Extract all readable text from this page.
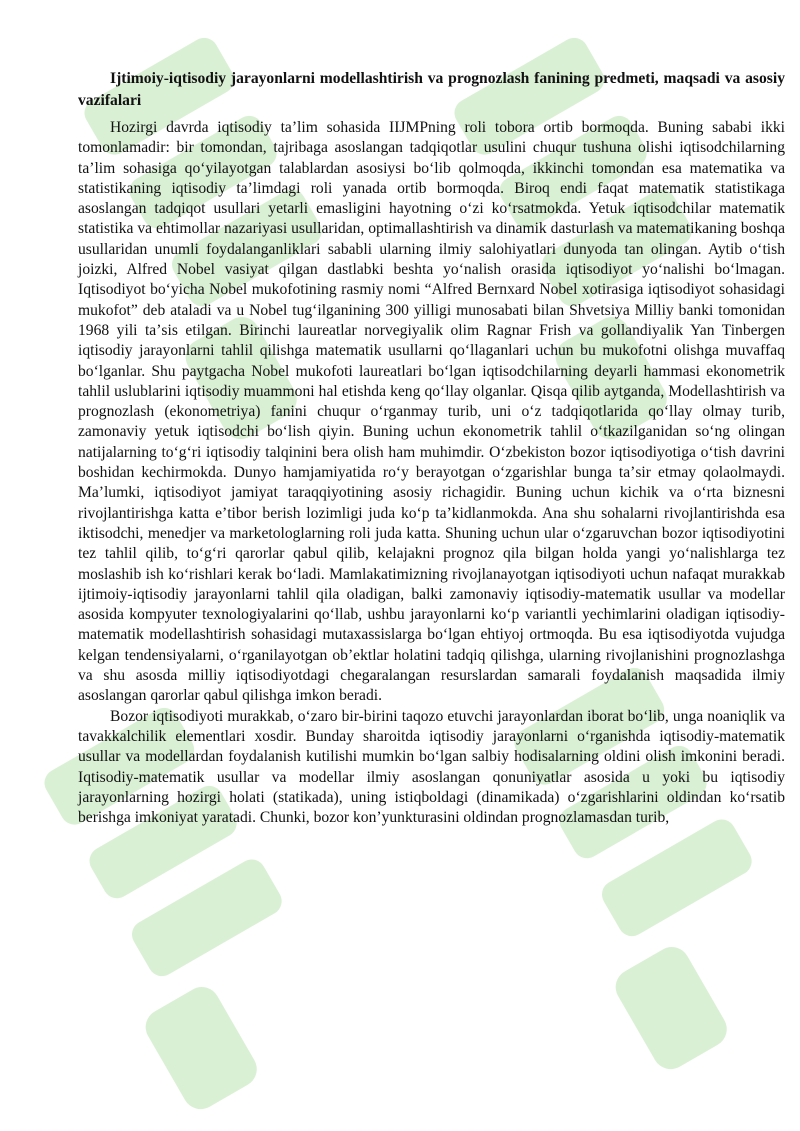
Ijtimoiy-iqtisodiy jarayonlarni modellashtirish va prognozlash fanining predmeti, maqsadi va asosiy vazifalari

Hozirgi davrda iqtisodiy taʼlim sohasida IIJMPning roli tobora ortib bormoqda. Buning sababi ikki tomonlamadir: bir tomondan, tajribaga asoslangan tadqiqotlar usulini chuqur tushuna olishi iqtisodchilarning taʼlim sohasiga qoʻyilayotgan talablardan asosiysi boʻlib qolmoqda, ikkinchi tomondan esa matematika va statistikaning iqtisodiy taʼlimdagi roli yanada ortib bormoqda. Biroq endi faqat matematik statistikaga asoslangan tadqiqot usullari yetarli emasligini hayotning oʻzi koʻrsatmokda. Yetuk iqtisodchilar matematik statistika va ehtimollar nazariyasi usullaridan, optimallashtirish va dinamik dasturlash va matematikaning boshqa usullaridan unumli foydalanganliklari sababli ularning ilmiy salohiyatlari dunyoda tan olingan. Aytib oʻtish joizki, Alfred Nobel vasiyat qilgan dastlabki beshta yoʻnalish orasida iqtisodiyot yoʻnalishi boʻlmagan. Iqtisodiyot boʻyicha Nobel mukofotining rasmiy nomi “Alfred Bernxard Nobel xotirasiga iqtisodiyot sohasidagi mukofot” deb ataladi va u Nobel tugʻilganining 300 yilligi munosabati bilan Shvetsiya Milliy banki tomonidan 1968 yili taʼsis etilgan. Birinchi laureatlar norvegiyalik olim Ragnar Frish va gollandiyalik Yan Tinbergen iqtisodiy jarayonlarni tahlil qilishga matematik usullarni qoʻllaganlari uchun bu mukofotni olishga muvaffaq boʻlganlar. Shu paytgacha Nobel mukofoti laureatlari boʻlgan iqtisodchilarning deyarli hammasi ekonometrik tahlil uslublarini iqtisodiy muammoni hal etishda keng qoʻllay olganlar. Qisqa qilib aytganda, Modellashtirish va prognozlash (ekonometriya) fanini chuqur oʻrganmay turib, uni oʻz tadqiqotlarida qoʻllay olmay turib, zamonaviy yetuk iqtisodchi boʻlish qiyin. Buning uchun ekonometrik tahlil oʻtkazilganidan soʻng olingan natijalarning toʻgʻri iqtisodiy talqinini bera olish ham muhimdir. Oʻzbekiston bozor iqtisodiyotiga oʻtish davrini boshidan kechirmokda. Dunyo hamjamiyatida roʻy berayotgan oʻzgarishlar bunga taʼsir etmay qolaolmaydi. Maʼlumki, iqtisodiyot jamiyat taraqqiyotining asosiy richagidir. Buning uchun kichik va oʻrta biznesni rivojlantirishga katta eʼtibor berish lozimligi juda koʻp taʼkidlanmokda. Ana shu sohalarni rivojlantirishda esa iktisodchi, menedjer va marketologlarning roli juda katta. Shuning uchun ular oʻzgaruvchan bozor iqtisodiyotini tez tahlil qilib, toʻgʻri qarorlar qabul qilib, kelajakni prognoz qila bilgan holda yangi yoʻnalishlarga tez moslashib ish koʻrishlari kerak boʻladi. Mamlakatimizning rivojlanayotgan iqtisodiyoti uchun nafaqat murakkab ijtimoiy-iqtisodiy jarayonlarni tahlil qila oladigan, balki zamonaviy iqtisodiy-matematik usullar va modellar asosida kompyuter texnologiyalarini qoʻllab, ushbu jarayonlarni koʻp variantli yechimlarini oladigan iqtisodiy-matematik modellashtirish sohasidagi mutaxassislarga boʻlgan ehtiyoj ortmoqda. Bu esa iqtisodiyotda vujudga kelgan tendensiyalarni, oʻrganilayotgan obʼektlar holatini tadqiq qilishga, ularning rivojlanishini prognozlashga va shu asosda milliy iqtisodiyotdagi chegaralangan resurslardan samarali foydalanish maqsadida ilmiy asoslangan qarorlar qabul qilishga imkon beradi.

Bozor iqtisodiyoti murakkab, oʻzaro bir-birini taqozo etuvchi jarayonlardan iborat boʻlib, unga noaniqlik va tavakkalchilik elementlari xosdir. Bunday sharoitda iqtisodiy jarayonlarni oʻrganishda iqtisodiy-matematik usullar va modellardan foydalanish kutilishi mumkin boʻlgan salbiy hodisalarning oldini olish imkonini beradi. Iqtisodiy-matematik usullar va modellar ilmiy asoslangan qonuniyatlar asosida u yoki bu iqtisodiy jarayonlarning hozirgi holati (statikada), uning istiqboldagi (dinamikada) oʻzgarishlarini oldindan koʻrsatib berishga imkoniyat yaratadi. Chunki, bozor konʼyunkturasini oldindan prognozlamasdan turib,
